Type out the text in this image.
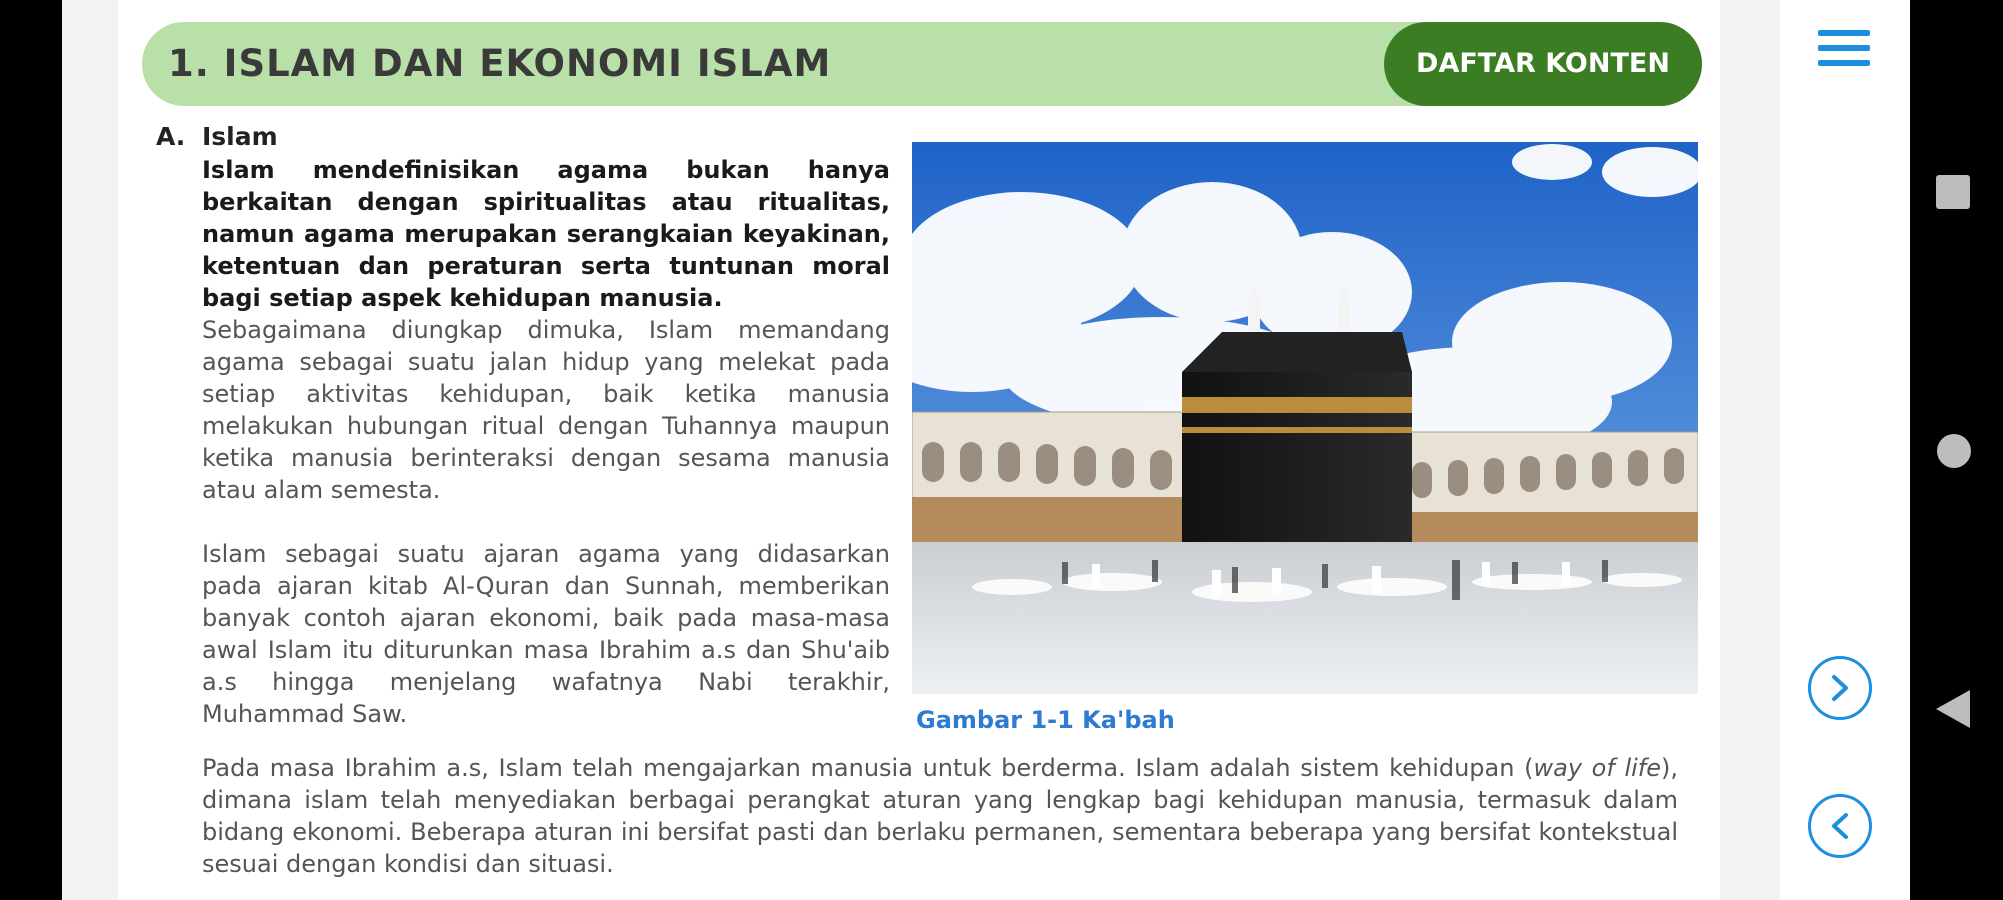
1. ISLAM DAN EKONOMI ISLAM	DAFTAR KONTEN
A. Islam

Islam mendefinisikan agama bukan hanya berkaitan dengan spiritualitas atau ritualitas, namun agama merupakan serangkaian keyakinan, ketentuan dan peraturan serta tuntunan moral bagi setiap aspek kehidupan manusia.

Sebagaimana diungkap dimuka, Islam memandang agama sebagai suatu jalan hidup yang melekat pada setiap aktivitas kehidupan, baik ketika manusia melakukan hubungan ritual dengan Tuhannya maupun ketika manusia berinteraksi dengan sesama manusia atau alam semesta.

Islam sebagai suatu ajaran agama yang didasarkan pada ajaran kitab Al-Quran dan Sunnah, memberikan banyak contoh ajaran ekonomi, baik pada masa-masa awal Islam itu diturunkan masa Ibrahim a.s dan Shu'aib a.s hingga menjelang wafatnya Nabi terakhir, Muhammad Saw.

Pada masa Ibrahim a.s, Islam telah mengajarkan manusia untuk berderma. Islam adalah sistem kehidupan (way of life), dimana islam telah menyediakan berbagai perangkat aturan yang lengkap bagi kehidupan manusia, termasuk dalam bidang ekonomi. Beberapa aturan ini bersifat pasti dan berlaku permanen, sementara beberapa yang bersifat kontekstual sesuai dengan kondisi dan situasi.

Gambar 1-1 Ka'bah
